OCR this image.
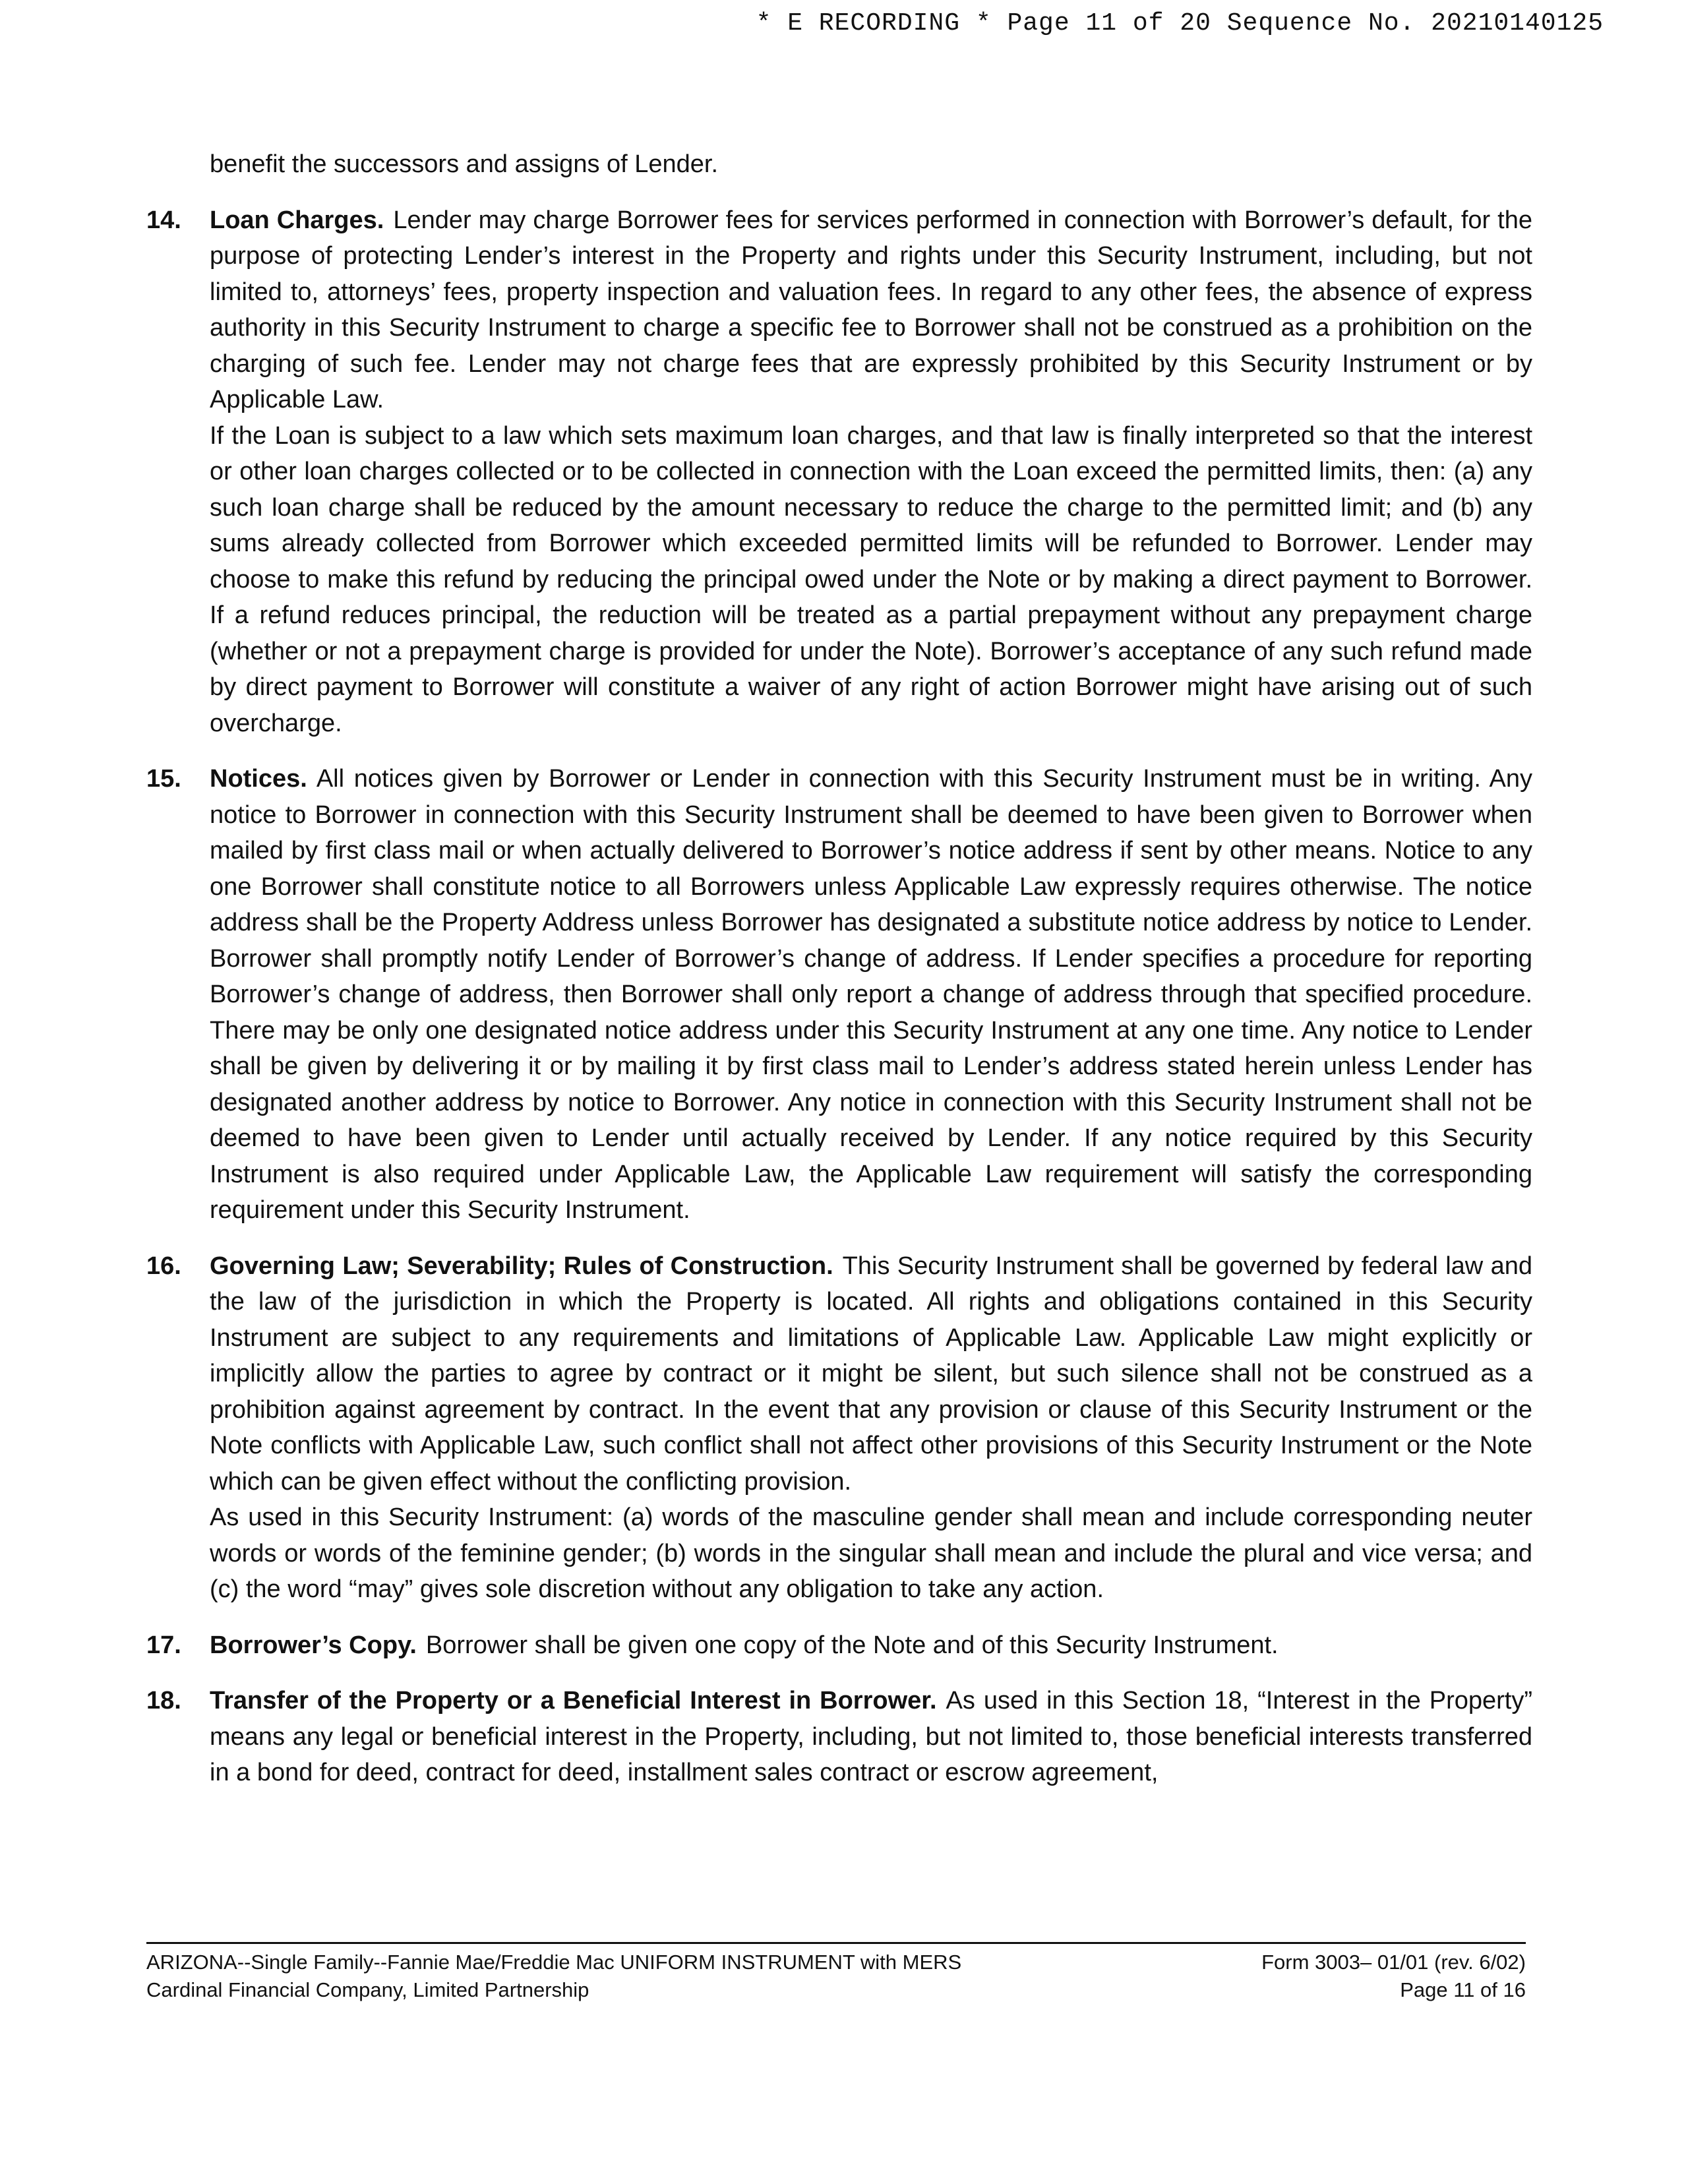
* E RECORDING * Page 11 of 20 Sequence No. 20210140125

benefit the successors and assigns of Lender.

14.	Loan Charges. Lender may charge Borrower fees for services performed in connection with Borrower’s default, for the purpose of protecting Lender’s interest in the Property and rights under this Security Instrument, including, but not limited to, attorneys’ fees, property inspection and valuation fees. In regard to any other fees, the absence of express authority in this Security Instrument to charge a specific fee to Borrower shall not be construed as a prohibition on the charging of such fee. Lender may not charge fees that are expressly prohibited by this Security Instrument or by Applicable Law.

If the Loan is subject to a law which sets maximum loan charges, and that law is finally interpreted so that the interest or other loan charges collected or to be collected in connection with the Loan exceed the permitted limits, then: (a) any such loan charge shall be reduced by the amount necessary to reduce the charge to the permitted limit; and (b) any sums already collected from Borrower which exceeded permitted limits will be refunded to Borrower. Lender may choose to make this refund by reducing the principal owed under the Note or by making a direct payment to Borrower. If a refund reduces principal, the reduction will be treated as a partial prepayment without any prepayment charge (whether or not a prepayment charge is provided for under the Note). Borrower’s acceptance of any such refund made by direct payment to Borrower will constitute a waiver of any right of action Borrower might have arising out of such overcharge.

15.	Notices. All notices given by Borrower or Lender in connection with this Security Instrument must be in writing. Any notice to Borrower in connection with this Security Instrument shall be deemed to have been given to Borrower when mailed by first class mail or when actually delivered to Borrower’s notice address if sent by other means. Notice to any one Borrower shall constitute notice to all Borrowers unless Applicable Law expressly requires otherwise. The notice address shall be the Property Address unless Borrower has designated a substitute notice address by notice to Lender. Borrower shall promptly notify Lender of Borrower’s change of address. If Lender specifies a procedure for reporting Borrower’s change of address, then Borrower shall only report a change of address through that specified procedure. There may be only one designated notice address under this Security Instrument at any one time. Any notice to Lender shall be given by delivering it or by mailing it by first class mail to Lender’s address stated herein unless Lender has designated another address by notice to Borrower. Any notice in connection with this Security Instrument shall not be deemed to have been given to Lender until actually received by Lender. If any notice required by this Security Instrument is also required under Applicable Law, the Applicable Law requirement will satisfy the corresponding requirement under this Security Instrument.

16.	Governing Law; Severability; Rules of Construction. This Security Instrument shall be governed by federal law and the law of the jurisdiction in which the Property is located. All rights and obligations contained in this Security Instrument are subject to any requirements and limitations of Applicable Law. Applicable Law might explicitly or implicitly allow the parties to agree by contract or it might be silent, but such silence shall not be construed as a prohibition against agreement by contract. In the event that any provision or clause of this Security Instrument or the Note conflicts with Applicable Law, such conflict shall not affect other provisions of this Security Instrument or the Note which can be given effect without the conflicting provision.

As used in this Security Instrument: (a) words of the masculine gender shall mean and include corresponding neuter words or words of the feminine gender; (b) words in the singular shall mean and include the plural and vice versa; and (c) the word “may” gives sole discretion without any obligation to take any action.

17.	Borrower’s Copy. Borrower shall be given one copy of the Note and of this Security Instrument.

18.	Transfer of the Property or a Beneficial Interest in Borrower. As used in this Section 18, “Interest in the Property” means any legal or beneficial interest in the Property, including, but not limited to, those beneficial interests transferred in a bond for deed, contract for deed, installment sales contract or escrow agreement,

ARIZONA--Single Family--Fannie Mae/Freddie Mac UNIFORM INSTRUMENT with MERS
Cardinal Financial Company, Limited Partnership
Form 3003– 01/01 (rev. 6/02)
Page 11 of 16
